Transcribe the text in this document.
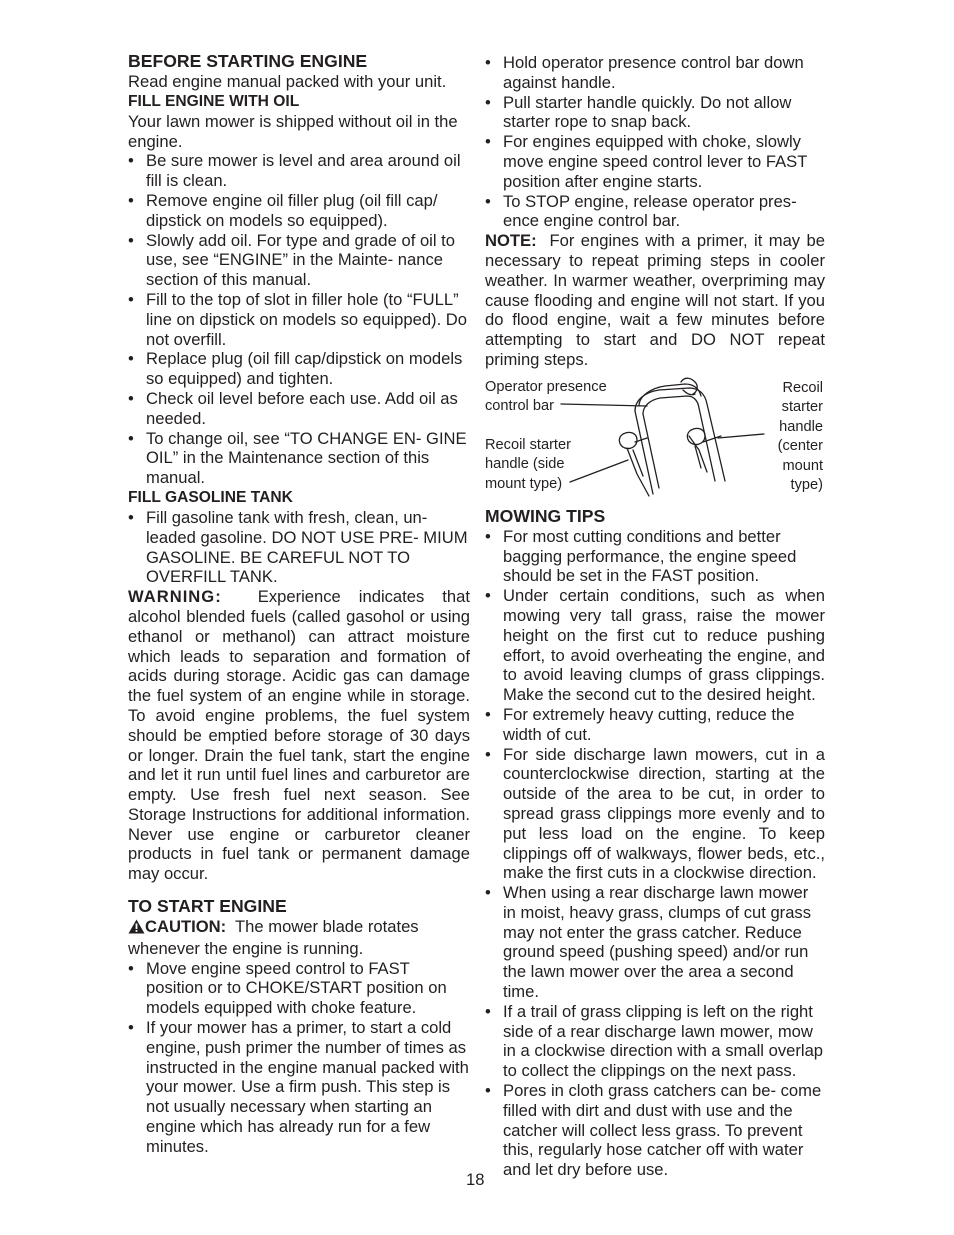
BEFORE STARTING ENGINE

Read engine manual packed with your unit.

FILL ENGINE WITH OIL

Your lawn mower is shipped without oil in the engine.

• Be sure mower is level and area around oil fill is clean.
• Remove engine oil filler plug (oil fill cap/ dipstick on models so equipped).
• Slowly add oil. For type and grade of oil to use, see “ENGINE” in the Mainte- nance section of this manual.
• Fill to the top of slot in filler hole (to “FULL” line on dipstick on models so equipped). Do not overfill.
• Replace plug (oil fill cap/dipstick on models so equipped) and tighten.
• Check oil level before each use. Add oil as needed.
• To change oil, see “TO CHANGE EN- GINE OIL” in the Maintenance section of this manual.
FILL GASOLINE TANK
• Fill gasoline tank with fresh, clean, un- leaded gasoline. DO NOT USE PRE- MIUM GASOLINE. BE CAREFUL NOT TO OVERFILL TANK.

WARNING: Experience indicates that alcohol blended fuels (called gasohol or using ethanol or methanol) can attract moisture which leads to separation and formation of acids during storage. Acidic gas can damage the fuel system of an engine while in storage. To avoid engine problems, the fuel system should be emptied before storage of 30 days or longer. Drain the fuel tank, start the engine and let it run until fuel lines and carburetor are empty. Use fresh fuel next season. See Storage Instructions for additional information. Never use engine or carburetor cleaner products in fuel tank or permanent damage may occur.

TO START ENGINE

CAUTION: The mower blade rotates whenever the engine is running.

• Move engine speed control to FAST position or to CHOKE/START position on models equipped with choke feature.
• If your mower has a primer, to start a cold engine, push primer the number of times as instructed in the engine manual packed with your mower. Use a firm push. This step is not usually necessary when starting an engine which has already run for a few minutes.
• Hold operator presence control bar down against handle.
• Pull starter handle quickly. Do not allow starter rope to snap back.
• For engines equipped with choke, slowly move engine speed control lever to FAST position after engine starts.
• To STOP engine, release operator pres- ence engine control bar.

NOTE: For engines with a primer, it may be necessary to repeat priming steps in cooler weather. In warmer weather, overpriming may cause flooding and engine will not start. If you do flood engine, wait a few minutes before attempting to start and DO NOT repeat priming steps.

Operator presence control bar
Recoil starter handle (side mount type)
Recoil starter handle (center mount type)
MOWING TIPS
• For most cutting conditions and better bagging performance, the engine speed should be set in the FAST position.
• Under certain conditions, such as when mowing very tall grass, raise the mower height on the first cut to reduce pushing effort, to avoid overheating the engine, and to avoid leaving clumps of grass clippings. Make the second cut to the desired height.
• For extremely heavy cutting, reduce the width of cut.
• For side discharge lawn mowers, cut in a counterclockwise direction, starting at the outside of the area to be cut, in order to spread grass clippings more evenly and to put less load on the engine. To keep clippings off of walkways, flower beds, etc., make the first cuts in a clockwise direction.
• When using a rear discharge lawn mower in moist, heavy grass, clumps of cut grass may not enter the grass catcher. Reduce ground speed (pushing speed) and/or run the lawn mower over the area a second time.
• If a trail of grass clipping is left on the right side of a rear discharge lawn mower, mow in a clockwise direction with a small overlap to collect the clippings on the next pass.
• Pores in cloth grass catchers can be- come filled with dirt and dust with use and the catcher will collect less grass. To prevent this, regularly hose catcher off with water and let dry before use.
18
